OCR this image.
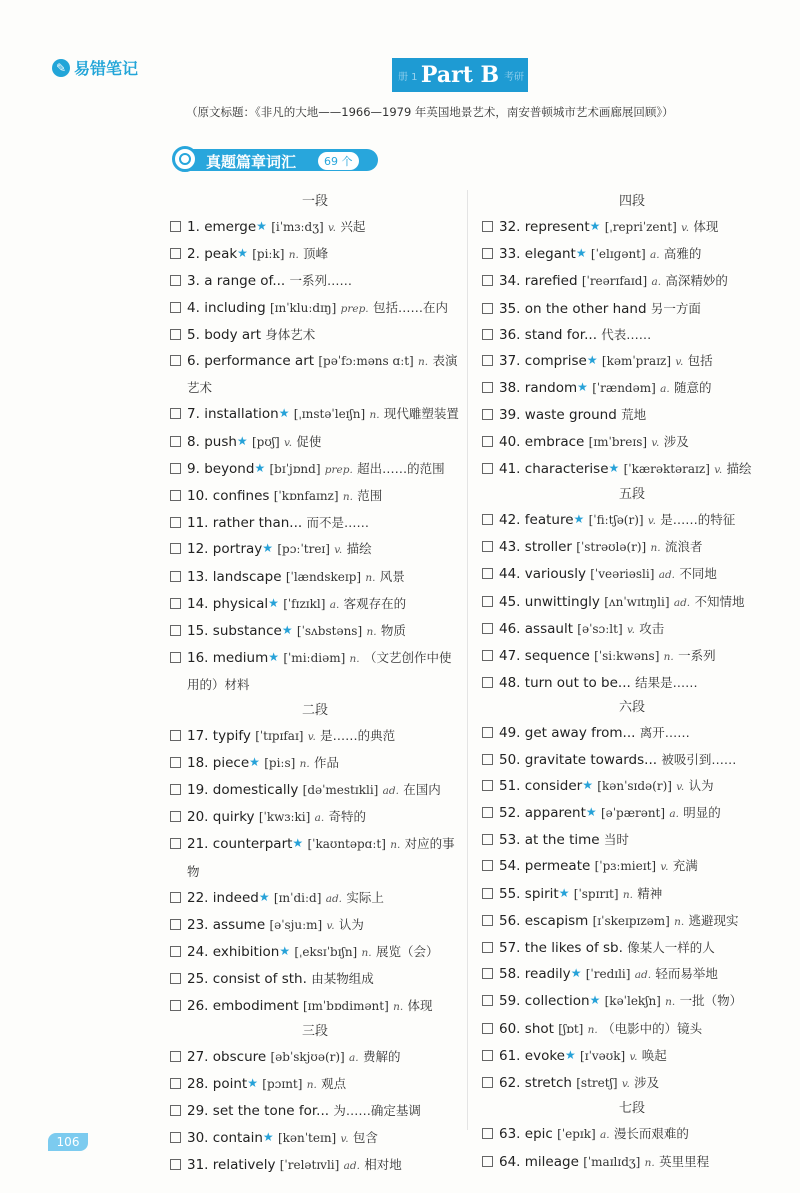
✎ 易错笔记	册 1 Part B 考研
（原文标题：《非凡的大地——1966—1979 年英国地景艺术，南安普顿城市艺术画廊展回顾》）
真题篇章词汇	69 个
一段
1. emerge★ [iˈmɜːdʒ] v. 兴起
2. peak★ [piːk] n. 顶峰
3. a range of... 一系列……
4. including [ɪnˈkluːdɪŋ] prep. 包括……在内
5. body art 身体艺术
6. performance art [pəˈfɔːməns ɑːt] n. 表演艺术
7. installation★ [ˌɪnstəˈleɪʃn] n. 现代雕塑装置
8. push★ [pʊʃ] v. 促使
9. beyond★ [bɪˈjɒnd] prep. 超出……的范围
10. confines [ˈkɒnfaɪnz] n. 范围
11. rather than... 而不是……
12. portray★ [pɔːˈtreɪ] v. 描绘
13. landscape [ˈlændskeɪp] n. 风景
14. physical★ [ˈfɪzɪkl] a. 客观存在的
15. substance★ [ˈsʌbstəns] n. 物质
16. medium★ [ˈmiːdiəm] n. （文艺创作中使用的）材料
二段
17. typify [ˈtɪpɪfaɪ] v. 是……的典范
18. piece★ [piːs] n. 作品
19. domestically [dəˈmestɪkli] ad. 在国内
20. quirky [ˈkwɜːki] a. 奇特的
21. counterpart★ [ˈkaʊntəpɑːt] n. 对应的事物
22. indeed★ [ɪnˈdiːd] ad. 实际上
23. assume [əˈsjuːm] v. 认为
24. exhibition★ [ˌeksɪˈbɪʃn] n. 展览（会）
25. consist of sth. 由某物组成
26. embodiment [ɪmˈbɒdimənt] n. 体现
三段
27. obscure [əbˈskjʊə(r)] a. 费解的
28. point★ [pɔɪnt] n. 观点
29. set the tone for... 为……确定基调
30. contain★ [kənˈteɪn] v. 包含
31. relatively [ˈrelətɪvli] ad. 相对地
四段
32. represent★ [ˌrepriˈzent] v. 体现
33. elegant★ [ˈelɪɡənt] a. 高雅的
34. rarefied [ˈreərɪfaɪd] a. 高深精妙的
35. on the other hand 另一方面
36. stand for... 代表……
37. comprise★ [kəmˈpraɪz] v. 包括
38. random★ [ˈrændəm] a. 随意的
39. waste ground 荒地
40. embrace [ɪmˈbreɪs] v. 涉及
41. characterise★ [ˈkærəktəraɪz] v. 描绘
五段
42. feature★ [ˈfiːtʃə(r)] v. 是……的特征
43. stroller [ˈstrəʊlə(r)] n. 流浪者
44. variously [ˈveəriəsli] ad. 不同地
45. unwittingly [ʌnˈwɪtɪŋli] ad. 不知情地
46. assault [əˈsɔːlt] v. 攻击
47. sequence [ˈsiːkwəns] n. 一系列
48. turn out to be... 结果是……
六段
49. get away from... 离开……
50. gravitate towards... 被吸引到……
51. consider★ [kənˈsɪdə(r)] v. 认为
52. apparent★ [əˈpærənt] a. 明显的
53. at the time 当时
54. permeate [ˈpɜːmieɪt] v. 充满
55. spirit★ [ˈspɪrɪt] n. 精神
56. escapism [ɪˈskeɪpɪzəm] n. 逃避现实
57. the likes of sb. 像某人一样的人
58. readily★ [ˈredɪli] ad. 轻而易举地
59. collection★ [kəˈlekʃn] n. 一批（物）
60. shot [ʃɒt] n. （电影中的）镜头
61. evoke★ [ɪˈvəʊk] v. 唤起
62. stretch [stretʃ] v. 涉及
七段
63. epic [ˈepɪk] a. 漫长而艰难的
64. mileage [ˈmaɪlɪdʒ] n. 英里里程
106
